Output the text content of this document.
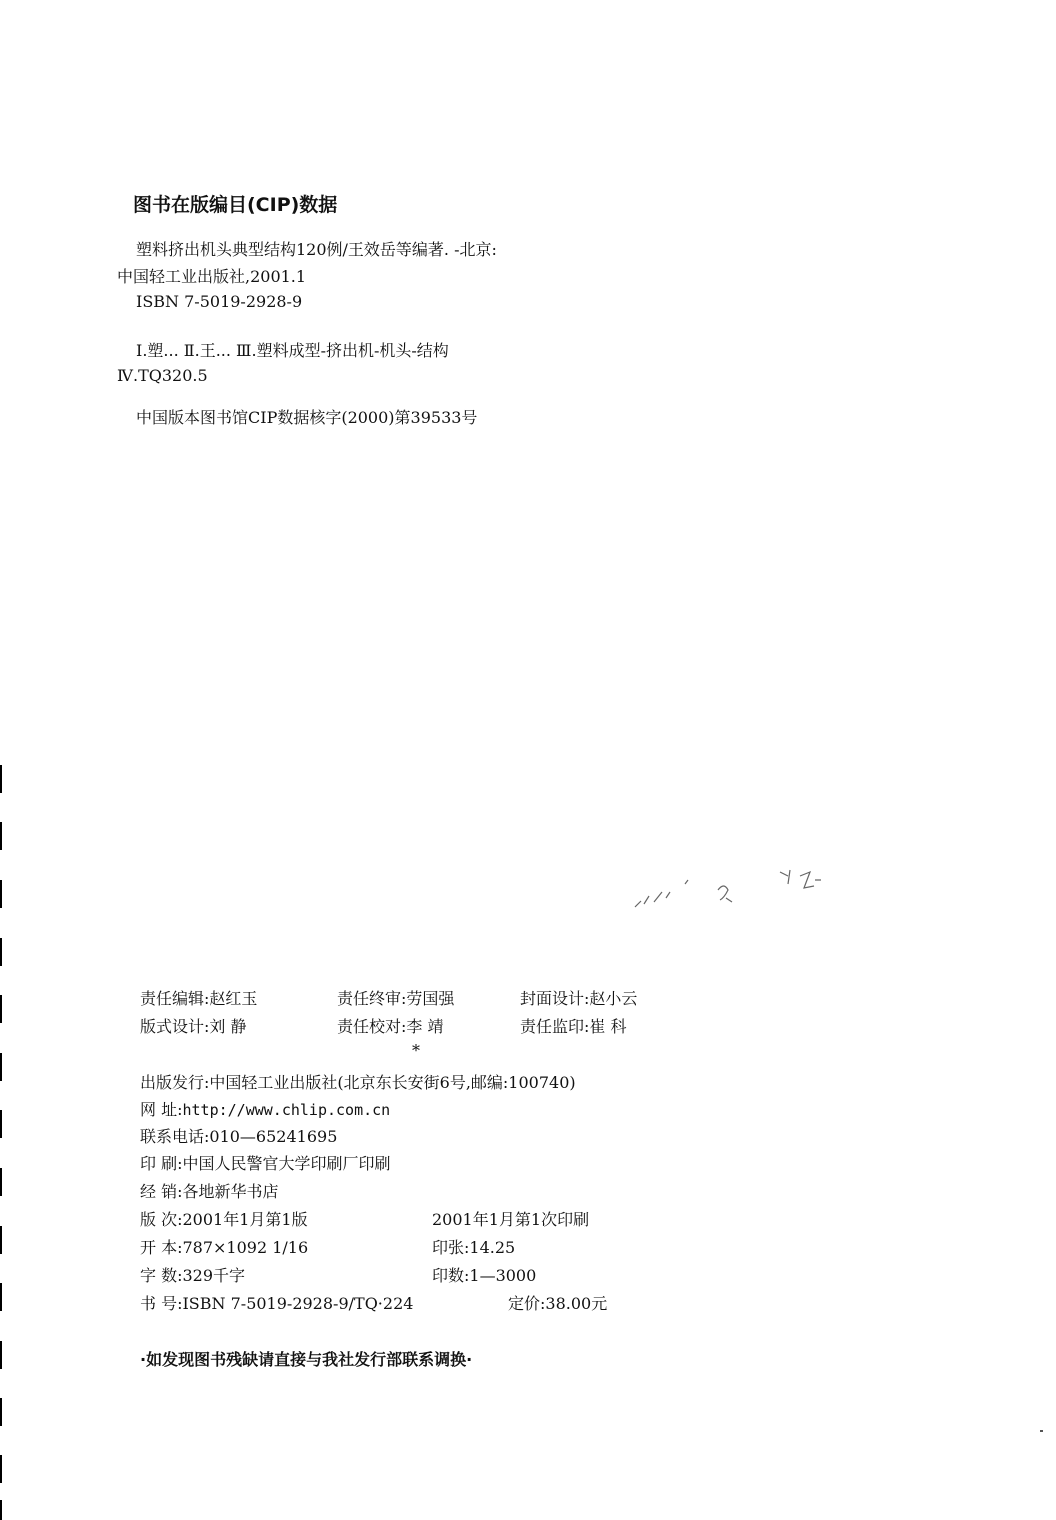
图书在版编目(CIP)数据
塑料挤出机头典型结构120例/王效岳等编著. -北京:
中国轻工业出版社,2001.1
ISBN 7-5019-2928-9
Ⅰ.塑... Ⅱ.王... Ⅲ.塑料成型-挤出机-机头-结构
Ⅳ.TQ320.5
中国版本图书馆CIP数据核字(2000)第39533号
责任编辑:赵红玉	责任终审:劳国强	封面设计:赵小云
版式设计:刘 静	责任校对:李 靖	责任监印:崔 科
*
出版发行:中国轻工业出版社(北京东长安街6号,邮编:100740)
网 址:http://www.chlip.com.cn
联系电话:010—65241695
印 刷:中国人民警官大学印刷厂印刷
经 销:各地新华书店
版 次:2001年1月第1版	2001年1月第1次印刷
开 本:787×1092 1/16	印张:14.25
字 数:329千字	印数:1—3000
书 号:ISBN 7-5019-2928-9/TQ·224	定价:38.00元
·如发现图书残缺请直接与我社发行部联系调换·
